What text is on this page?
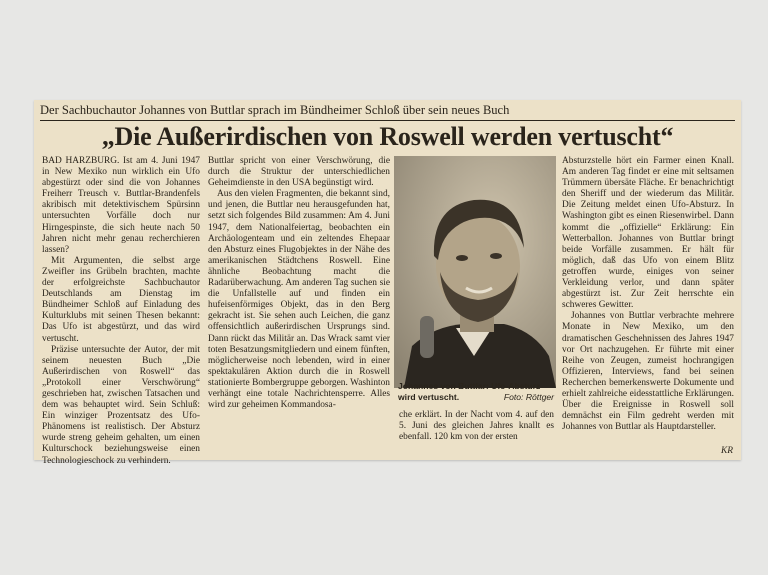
Der Sachbuchautor Johannes von Buttlar sprach im Bündheimer Schloß über sein neues Buch
„Die Außerirdischen von Roswell werden vertuscht“

BAD HARZBURG. Ist am 4. Juni 1947 in New Mexiko nun wirklich ein Ufo abgestürzt oder sind die von Johannes Freiherr Treusch v. Buttlar-Brandenfels akribisch mit detektivischem Spürsinn untersuchten Vorfälle doch nur Hirngespinste, die sich heute nach 50 Jahren nicht mehr genau recherchieren lassen?

Mit Argumenten, die selbst arge Zweifler ins Grübeln brachten, machte der erfolgreichste Sachbuchautor Deutschlands am Dienstag im Bündheimer Schloß auf Einladung des Kulturklubs mit seinen Thesen bekannt: Das Ufo ist abgestürzt, und das wird vertuscht.

Präzise untersuchte der Autor, der mit seinem neuesten Buch „Die Außerirdischen von Roswell“ das „Protokoll einer Verschwörung“ geschrieben hat, zwischen Tatsachen und dem was behauptet wird. Sein Schluß: Ein winziger Prozentsatz des Ufo-Phänomens ist realistisch. Der Absturz wurde streng geheim gehalten, um einen Kulturschock beziehungsweise einen Technologieschock zu verhindern.

Buttlar spricht von einer Verschwörung, die durch die Struktur der unterschiedlichen Geheimdienste in den USA begünstigt wird.

Aus den vielen Fragmenten, die bekannt sind, und jenen, die Buttlar neu herausgefunden hat, setzt sich folgendes Bild zusammen: Am 4. Juni 1947, dem Nationalfeiertag, beobachten ein Archäologenteam und ein zeltendes Ehepaar den Absturz eines Flugobjektes in der Nähe des amerikanischen Städtchens Roswell. Eine ähnliche Beobachtung macht die Radarüberwachung. Am anderen Tag suchen sie die Unfallstelle auf und finden ein hufeisenförmiges Objekt, das in den Berg gekracht ist. Sie sehen auch Leichen, die ganz offensichtlich außerirdischen Ursprungs sind. Dann rückt das Militär an. Das Wrack samt vier toten Besatzungsmitgliedern und einem fünften, möglicherweise noch lebenden, wird in einer spektakulären Aktion durch die in Roswell stationierte Bombergruppe geborgen. Washinton verhängt eine totale Nachrichtensperre. Alles wird zur geheimen Kommandosa-

Johannes von Buttlar: Ufo-Absturz wird vertuscht.	Foto: Röttger
che erklärt. In der Nacht vom 4. auf den 5. Juni des gleichen Jahres knallt es ebenfall. 120 km von der ersten

Absturzstelle hört ein Farmer einen Knall. Am anderen Tag findet er eine mit seltsamen Trümmern übersäte Fläche. Er benachrichtigt den Sheriff und der wiederum das Militär. Die Zeitung meldet einen Ufo-Absturz. In Washington gibt es einen Riesenwirbel. Dann kommt die „offizielle“ Erklärung: Ein Wetterballon. Johannes von Buttlar bringt beide Vorfälle zusammen. Er hält für möglich, daß das Ufo von einem Blitz getroffen wurde, einiges von seiner Verkleidung verlor, und dann später abgestürzt ist. Zur Zeit herrschte ein schweres Gewitter.

Johannes von Buttlar verbrachte mehrere Monate in New Mexiko, um den dramatischen Geschehnissen des Jahres 1947 vor Ort nachzugehen. Er führte mit einer Reihe von Zeugen, zumeist hochrangigen Offizieren, Interviews, fand bei seinen Recherchen bemerkenswerte Dokumente und erhielt zahlreiche eidesstattliche Erklärungen. Über die Ereignisse in Roswell soll demnächst ein Film gedreht werden mit Johannes von Buttlar als Hauptdarsteller.

KR
